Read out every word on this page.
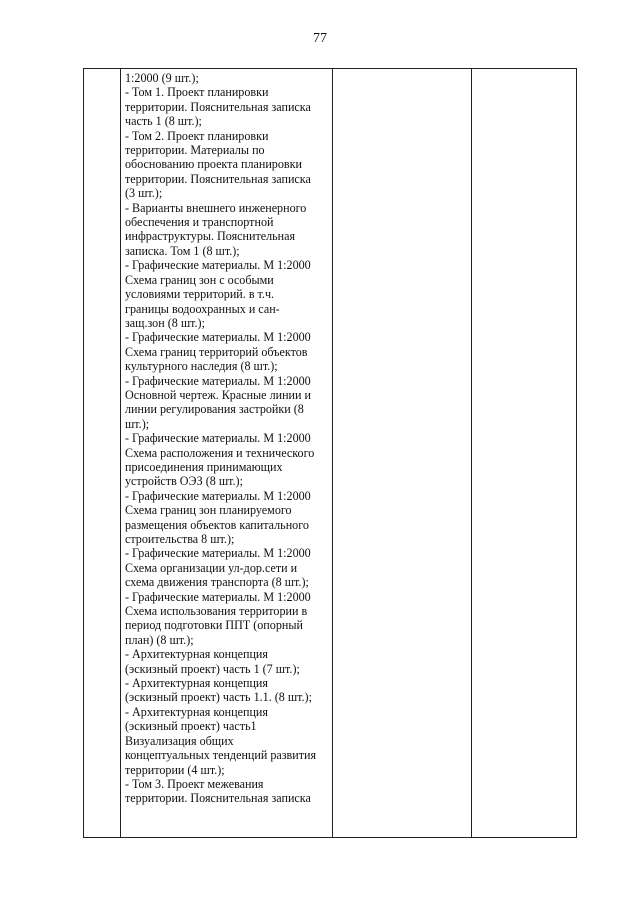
77

1:2000 (9 шт.);
- Том 1. Проект планировки
территории. Пояснительная записка
часть 1 (8 шт.);
- Том 2. Проект планировки
территории. Материалы по
обоснованию проекта планировки
территории. Пояснительная записка
(3 шт.);
- Варианты внешнего инженерного
обеспечения и транспортной
инфраструктуры. Пояснительная
записка. Том 1 (8 шт.);
- Графические материалы. М 1:2000
Схема границ зон с особыми
условиями территорий. в т.ч.
границы водоохранных и сан-
защ.зон (8 шт.);
- Графические материалы. М 1:2000
Схема границ территорий объектов
культурного наследия (8 шт.);
- Графические материалы. М 1:2000
Основной чертеж. Красные линии и
линии регулирования застройки (8
шт.);
- Графические материалы. М 1:2000
Схема расположения и технического
присоединения принимающих
устройств ОЭЗ (8 шт.);
- Графические материалы. М 1:2000
Схема границ зон планируемого
размещения объектов капитального
строительства 8 шт.);
- Графические материалы. М 1:2000
Схема организации ул-дор.сети и
схема движения транспорта (8 шт.);
- Графические материалы. М 1:2000
Схема использования территории в
период подготовки ППТ (опорный
план) (8 шт.);
- Архитектурная концепция
(эскизный проект) часть 1 (7 шт.);
- Архитектурная концепция
(эскизный проект) часть 1.1. (8 шт.);
- Архитектурная концепция
(эскизный проект) часть1
Визуализация общих
концептуальных тенденций развития
территории (4 шт.);
- Том 3. Проект межевания
территории. Пояснительная записка
